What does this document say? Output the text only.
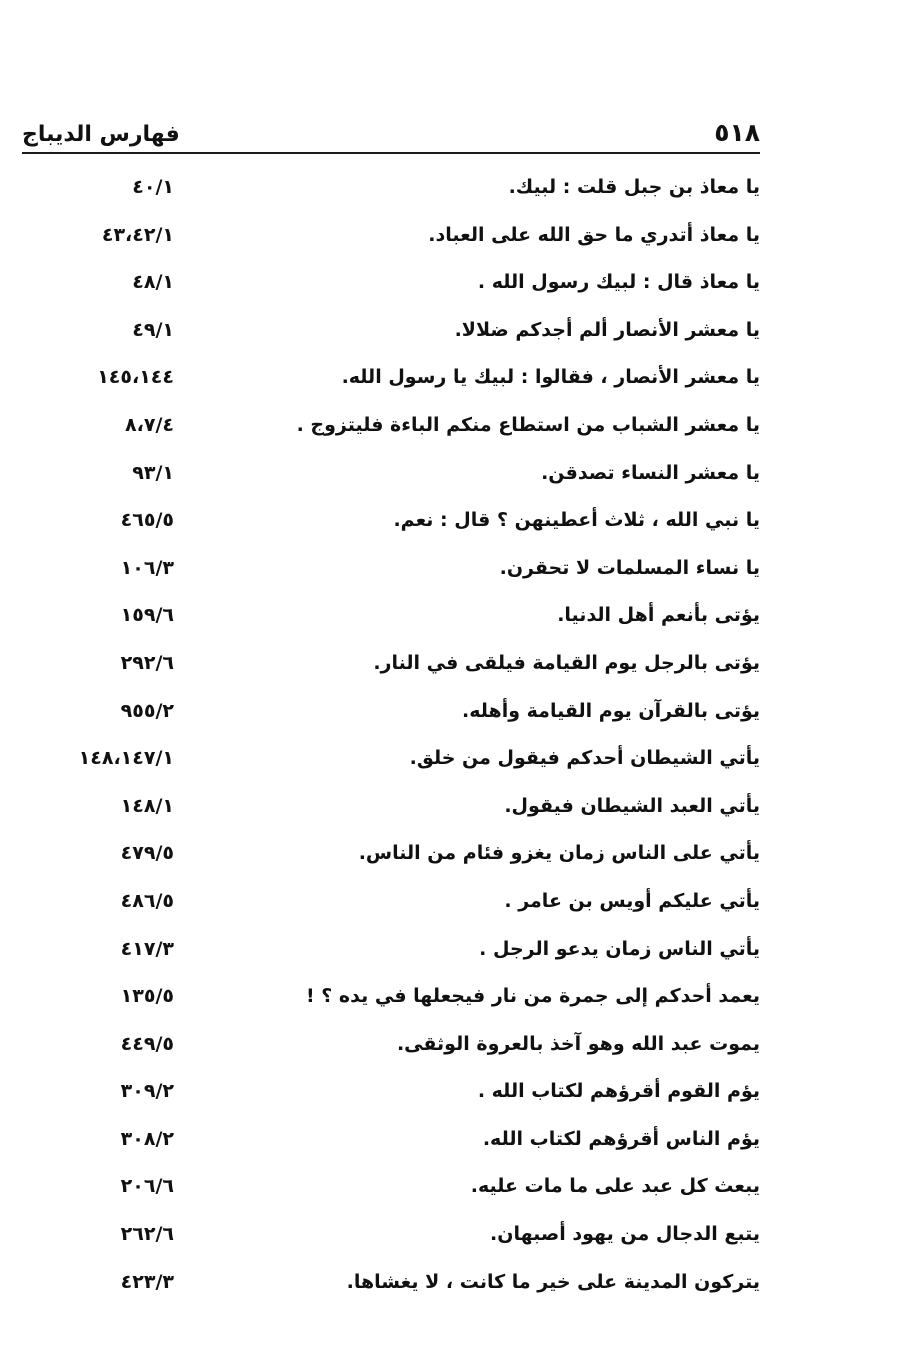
فهارس الديباج	٥١٨
يا معاذ بن جبل قلت : لبيك.
٤٠/١
يا معاذ أتدري ما حق الله على العباد.
٤٣،٤٢/١
يا معاذ قال : لبيك رسول الله .
٤٨/١
يا معشر الأنصار ألم أجدكم ضلالا.
٤٩/١
يا معشر الأنصار ، فقالوا : لبيك يا رسول الله.
١٤٥،١٤٤
يا معشر الشباب من استطاع منكم الباءة فليتزوج .
٨،٧/٤
يا معشر النساء تصدقن.
٩٣/١
يا نبي الله ، ثلاث أعطينهن ؟ قال : نعم.
٤٦٥/٥
يا نساء المسلمات لا تحقرن.
١٠٦/٣
يؤتى بأنعم أهل الدنيا.
١٥٩/٦
يؤتى بالرجل يوم القيامة فيلقى في النار.
٢٩٢/٦
يؤتى بالقرآن يوم القيامة وأهله.
٩٥٥/٢
يأتي الشيطان أحدكم فيقول من خلق.
١٤٨،١٤٧/١
يأتي العبد الشيطان فيقول.
١٤٨/١
يأتي على الناس زمان يغزو فئام من الناس.
٤٧٩/٥
يأتي عليكم أويس بن عامر .
٤٨٦/٥
يأتي الناس زمان يدعو الرجل .
٤١٧/٣
يعمد أحدكم إلى جمرة من نار فيجعلها في يده ؟ !
١٣٥/٥
يموت عبد الله وهو آخذ بالعروة الوثقى.
٤٤٩/٥
يؤم القوم أقرؤهم لكتاب الله .
٣٠٩/٢
يؤم الناس أقرؤهم لكتاب الله.
٣٠٨/٢
يبعث كل عبد على ما مات عليه.
٢٠٦/٦
يتبع الدجال من يهود أصبهان.
٢٦٢/٦
يتركون المدينة على خير ما كانت ، لا يغشاها.
٤٢٣/٣
